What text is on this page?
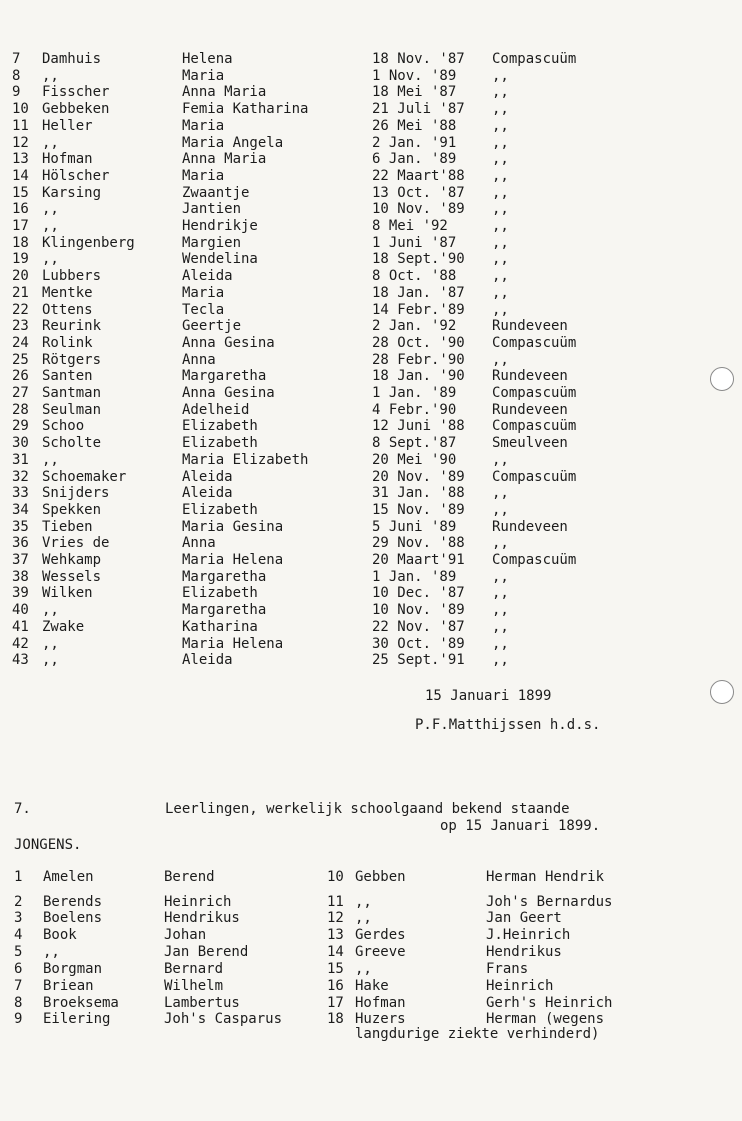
7 Damhuis	Helena	18 Nov. '87 Compascuüm
8 ,,	Maria	1 Nov. '89	,,
9 Fisscher	Anna Maria	18 Mei '87	,,
10 Gebbeken	Femia Katharina	21 Juli '87 ,,
11 Heller	Maria	26 Mei '88	,,
12 ,,	Maria Angela	2 Jan. '91	,,
13 Hofman	Anna Maria	6 Jan. '89	,,
14 Hölscher	Maria	22 Maart'88 ,,
15 Karsing	Zwaantje	13 Oct. '87 ,,
16 ,,	Jantien	10 Nov. '89 ,,
17 ,,	Hendrikje	8 Mei '92	,,
18 Klingenberg	Margien	1 Juni '87	,,
19 ,,	Wendelina	18 Sept.'90 ,,
20 Lubbers	Aleida	8 Oct. '88	,,
21 Mentke	Maria	18 Jan. '87 ,,
22 Ottens	Tecla	14 Febr.'89 ,,
23 Reurink	Geertje	2 Jan. '92	Rundeveen
24 Rolink	Anna Gesina	28 Oct. '90 Compascuüm
25 Rötgers	Anna	28 Febr.'90 ,,
26 Santen	Margaretha	18 Jan. '90 Rundeveen
27 Santman	Anna Gesina	1 Jan. '89	Compascuüm
28 Seulman	Adelheid	4 Febr.'90	Rundeveen
29 Schoo	Elizabeth	12 Juni '88 Compascuüm
30 Scholte	Elizabeth	8 Sept.'87	Smeulveen
31 ,,	Maria Elizabeth	20 Mei '90	,,
32 Schoemaker	Aleida	20 Nov. '89 Compascuüm
33 Snijders	Aleida	31 Jan. '88 ,,
34 Spekken	Elizabeth	15 Nov. '89 ,,
35 Tieben	Maria Gesina	5 Juni '89	Rundeveen
36 Vries de	Anna	29 Nov. '88 ,,
37 Wehkamp	Maria Helena	20 Maart'91 Compascuüm
38 Wessels	Margaretha	1 Jan. '89	,,
39 Wilken	Elizabeth	10 Dec. '87 ,,
40 ,,	Margaretha	10 Nov. '89 ,,
41 Zwake	Katharina	22 Nov. '87 ,,
42 ,,	Maria Helena	30 Oct. '89 ,,
43 ,,	Aleida	25 Sept.'91 ,,
15 Januari 1899
P.F.Matthijssen h.d.s.
7.	Leerlingen, werkelijk schoolgaand bekend staande
op 15 Januari 1899.
JONGENS.
1 Amelen	Berend
2 Berends	Heinrich
3 Boelens	Hendrikus
4 Book	Johan
5 ,,	Jan Berend
6 Borgman	Bernard
7 Briean	Wilhelm
8 Broeksema	Lambertus
9 Eilering	Joh's Casparus
10 Gebben	Herman Hendrik
11 ,,	Joh's Bernardus
12 ,,	Jan Geert
13 Gerdes	J.Heinrich
14 Greeve	Hendrikus
15 ,,	Frans
16 Hake	Heinrich
17 Hofman	Gerh's Heinrich
18 Huzers	Herman (wegens
langdurige ziekte verhinderd)
